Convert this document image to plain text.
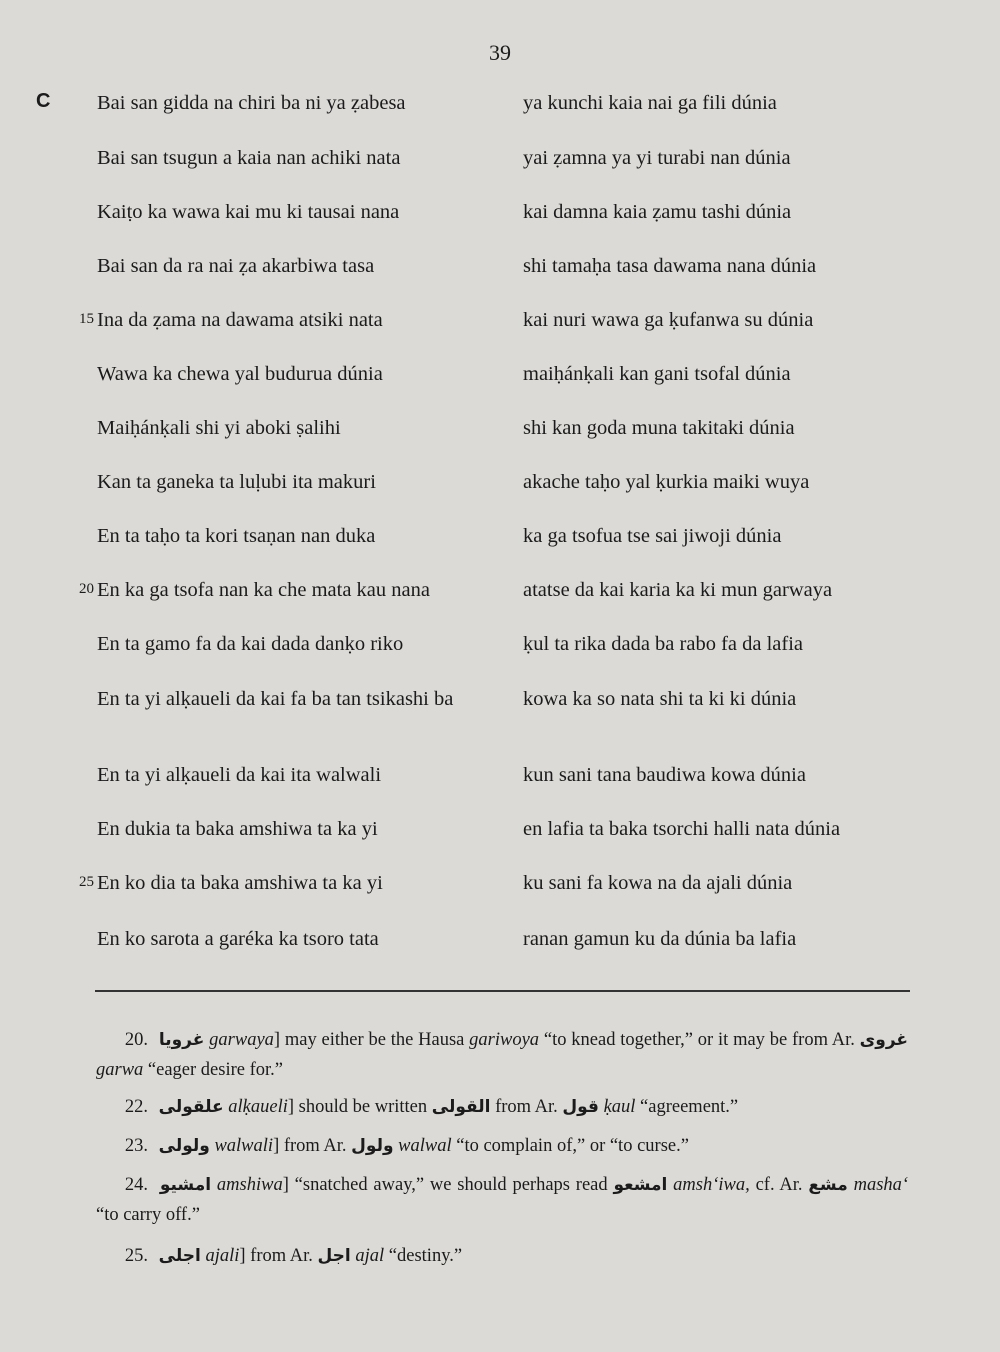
39
C Bai san gidda na chiri ba ni ya ẓabesa	ya kunchi kaia nai ga fili dúnia
Bai san tsugun a kaia nan achiki nata	yai ẓamna ya yi turabi nan dúnia
Kaiṭo ka wawa kai mu ki tausai nana	kai damna kaia ẓamu tashi dúnia
Bai san da ra nai ẓa akarbiwa tasa	shi tamaḥa tasa dawama nana dúnia
15 Ina da ẓama na dawama atsiki nata	kai nuri wawa ga ḳufanwa su dúnia
Wawa ka chewa yal budurua dúnia	maiḥánḳali kan gani tsofal dúnia
Maiḥánḳali shi yi aboki ṣalihi	shi kan goda muna takitaki dúnia
Kan ta ganeka ta luḷubi ita makuri	akache taḥo yal ḳurkia maiki wuya
En ta taḥo ta kori tsaṇan nan duka	ka ga tsofua tse sai jiwoji dúnia
20 En ka ga tsofa nan ka che mata kau nana	atatse da kai karia ka ki mun garwaya
En ta gamo fa da kai dada danḳo riko	ḳul ta rika dada ba rabo fa da lafia
En ta yi alḳaueli da kai fa ba tan tsikashi ba	kowa ka so nata shi ta ki ki dúnia
En ta yi alḳaueli da kai ita walwali	kun sani tana baudiwa kowa dúnia
En dukia ta baka amshiwa ta ka yi	en lafia ta baka tsorchi halli nata dúnia
25 En ko dia ta baka amshiwa ta ka yi	ku sani fa kowa na da ajali dúnia
En ko sarota a garéka ka tsoro tata	ranan gamun ku da dúnia ba lafia
20. غرويا garwaya] may either be the Hausa gariwoya “to knead together,” or it may be from Ar. غروى garwa “eager desire for.”
22. علقولى alḳaueli] should be written القولى from Ar. قول ḳaul “agreement.”
23. ولولى walwali] from Ar. ولول walwal “to complain of,” or “to curse.”
24. امشيو amshiwa] “snatched away,” we should perhaps read امشعو amsh‘iwa, cf. Ar. مشع masha‘ “to carry off.”
25. اجلى ajali] from Ar. اجل ajal “destiny.”
